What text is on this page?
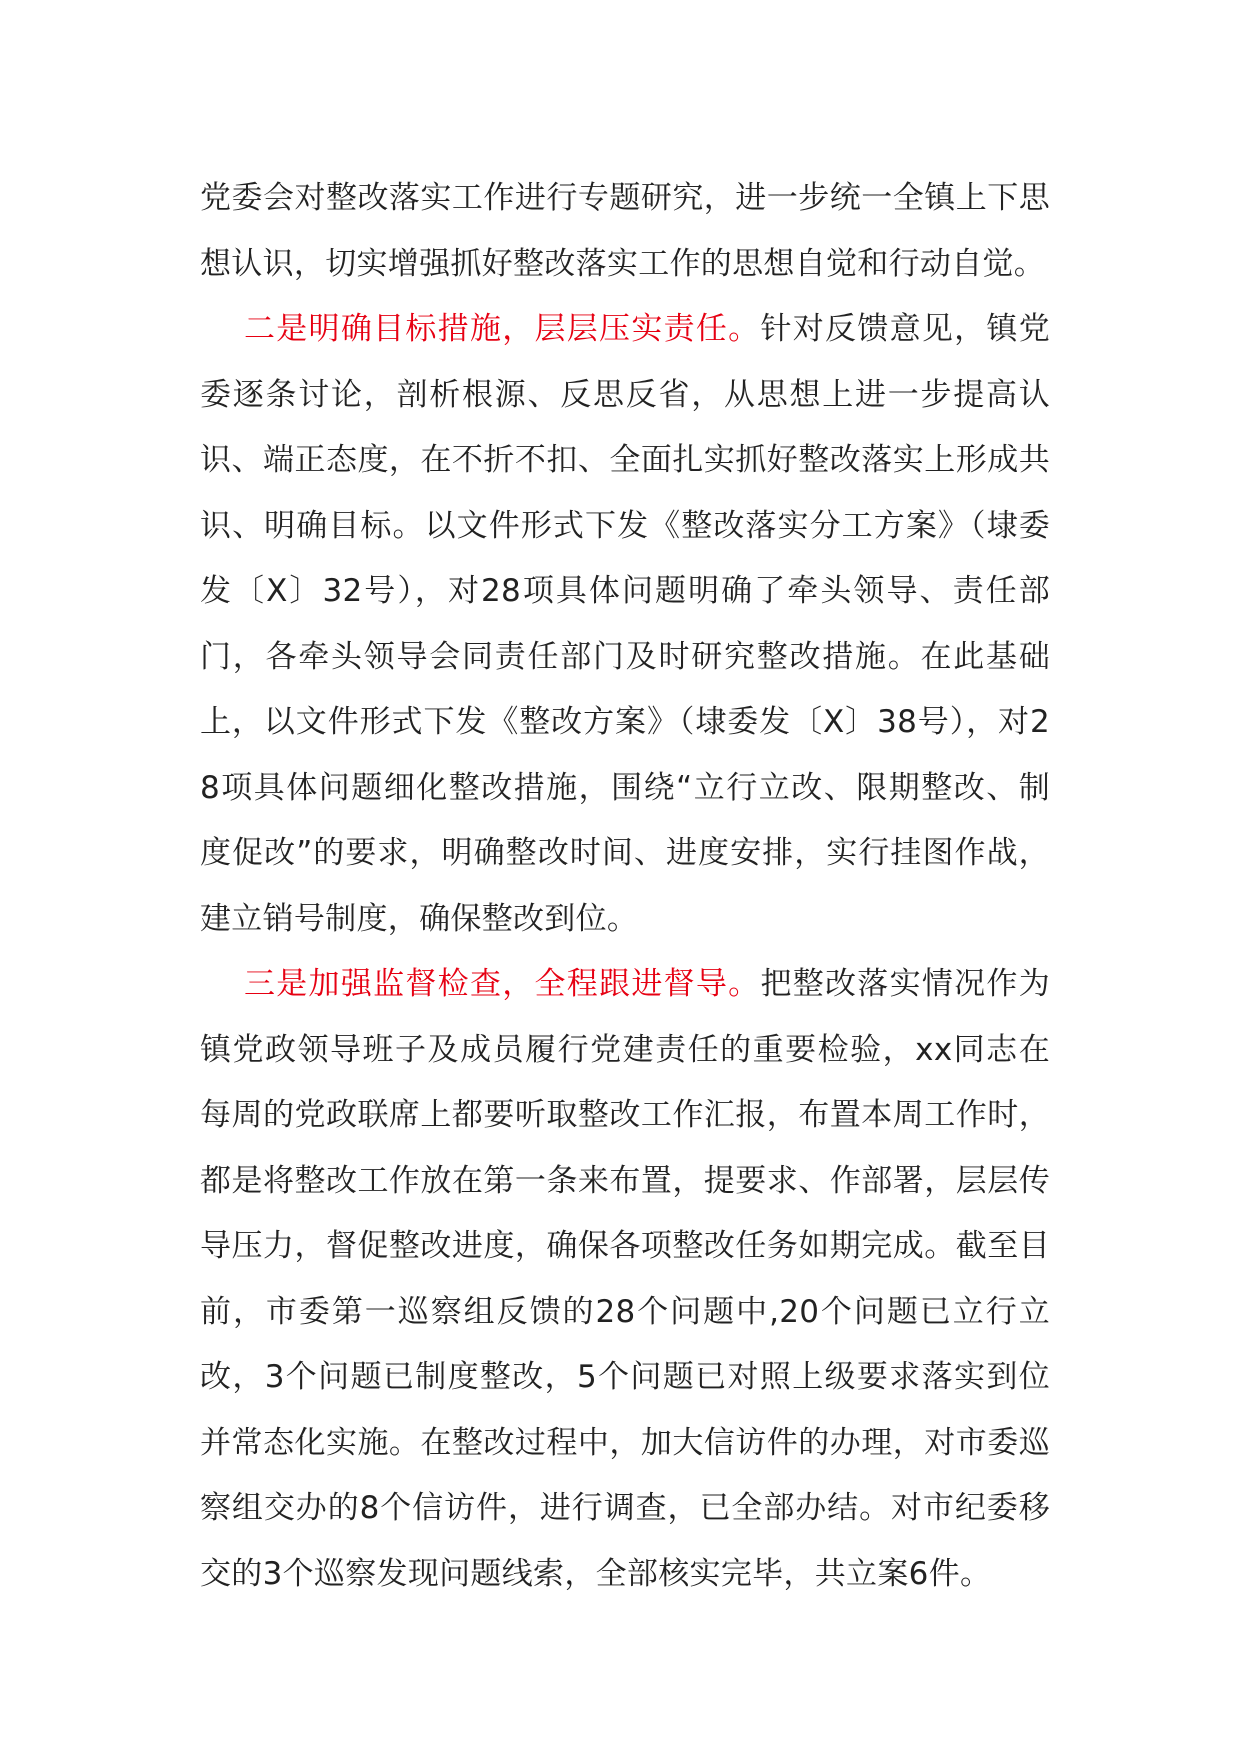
党委会对整改落实工作进行专题研究，进一步统一全镇上下思想认识，切实增强抓好整改落实工作的思想自觉和行动自觉。

二是明确目标措施，层层压实责任。针对反馈意见，镇党委逐条讨论，剖析根源、反思反省，从思想上进一步提高认识、端正态度，在不折不扣、全面扎实抓好整改落实上形成共识、明确目标。以文件形式下发《整改落实分工方案》（埭委发〔X〕32号），对28项具体问题明确了牵头领导、责任部门，各牵头领导会同责任部门及时研究整改措施。在此基础上，以文件形式下发《整改方案》（埭委发〔X〕38号），对28项具体问题细化整改措施，围绕“立行立改、限期整改、制度促改”的要求，明确整改时间、进度安排，实行挂图作战，建立销号制度，确保整改到位。

三是加强监督检查，全程跟进督导。把整改落实情况作为镇党政领导班子及成员履行党建责任的重要检验，xx同志在每周的党政联席上都要听取整改工作汇报，布置本周工作时，都是将整改工作放在第一条来布置，提要求、作部署，层层传导压力，督促整改进度，确保各项整改任务如期完成。截至目前，市委第一巡察组反馈的28个问题中,20个问题已立行立改，3个问题已制度整改，5个问题已对照上级要求落实到位并常态化实施。在整改过程中，加大信访件的办理，对市委巡察组交办的8个信访件，进行调查，已全部办结。对市纪委移交的3个巡察发现问题线索，全部核实完毕，共立案6件。
